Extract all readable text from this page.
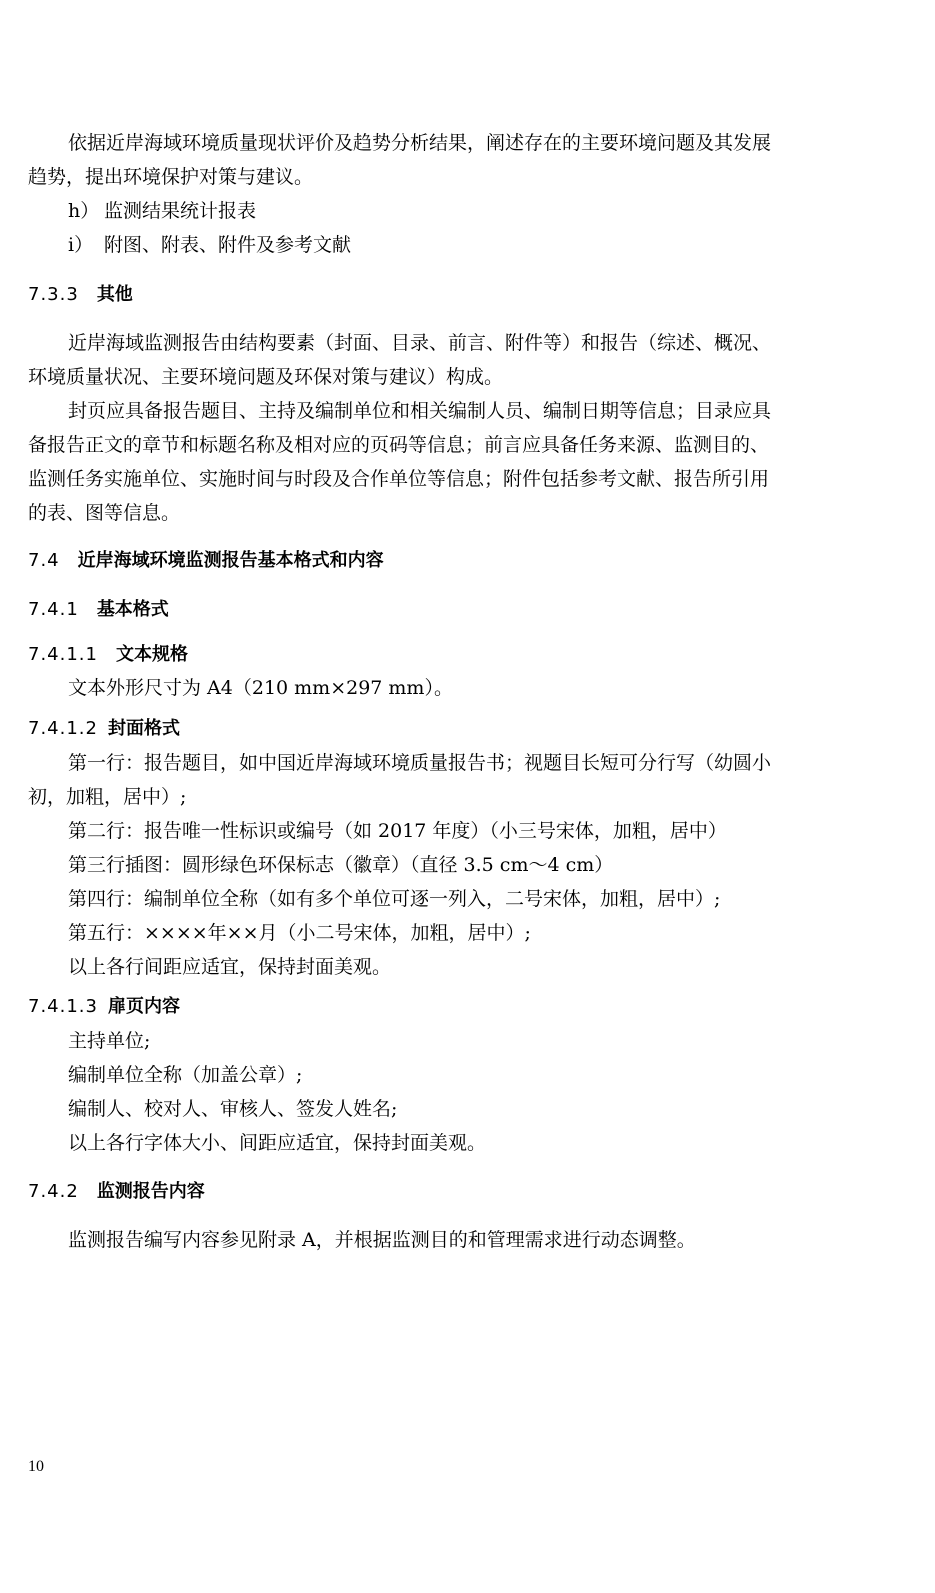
依据近岸海域环境质量现状评价及趋势分析结果，阐述存在的主要环境问题及其发展
趋势，提出环境保护对策与建议。
h） 监测结果统计报表
i） 附图、附表、附件及参考文献
7.3.3 其他
近岸海域监测报告由结构要素（封面、目录、前言、附件等）和报告（综述、概况、
环境质量状况、主要环境问题及环保对策与建议）构成。
封页应具备报告题目、主持及编制单位和相关编制人员、编制日期等信息；目录应具
备报告正文的章节和标题名称及相对应的页码等信息；前言应具备任务来源、监测目的、
监测任务实施单位、实施时间与时段及合作单位等信息；附件包括参考文献、报告所引用
的表、图等信息。
7.4 近岸海域环境监测报告基本格式和内容
7.4.1 基本格式
7.4.1.1 文本规格
文本外形尺寸为 A4（210 mm×297 mm）。
7.4.1.2 封面格式
第一行：报告题目，如中国近岸海域环境质量报告书；视题目长短可分行写（幼圆小
初，加粗，居中）;
第二行：报告唯一性标识或编号（如 2017 年度）（小三号宋体，加粗，居中）
第三行插图：圆形绿色环保标志（徽章）（直径 3.5 cm～4 cm）
第四行：编制单位全称（如有多个单位可逐一列入，二号宋体，加粗，居中）;
第五行：××××年××月（小二号宋体，加粗，居中）;
以上各行间距应适宜，保持封面美观。
7.4.1.3 扉页内容
主持单位;
编制单位全称（加盖公章）;
编制人、校对人、审核人、签发人姓名;
以上各行字体大小、间距应适宜，保持封面美观。
7.4.2 监测报告内容
监测报告编写内容参见附录 A，并根据监测目的和管理需求进行动态调整。
10
